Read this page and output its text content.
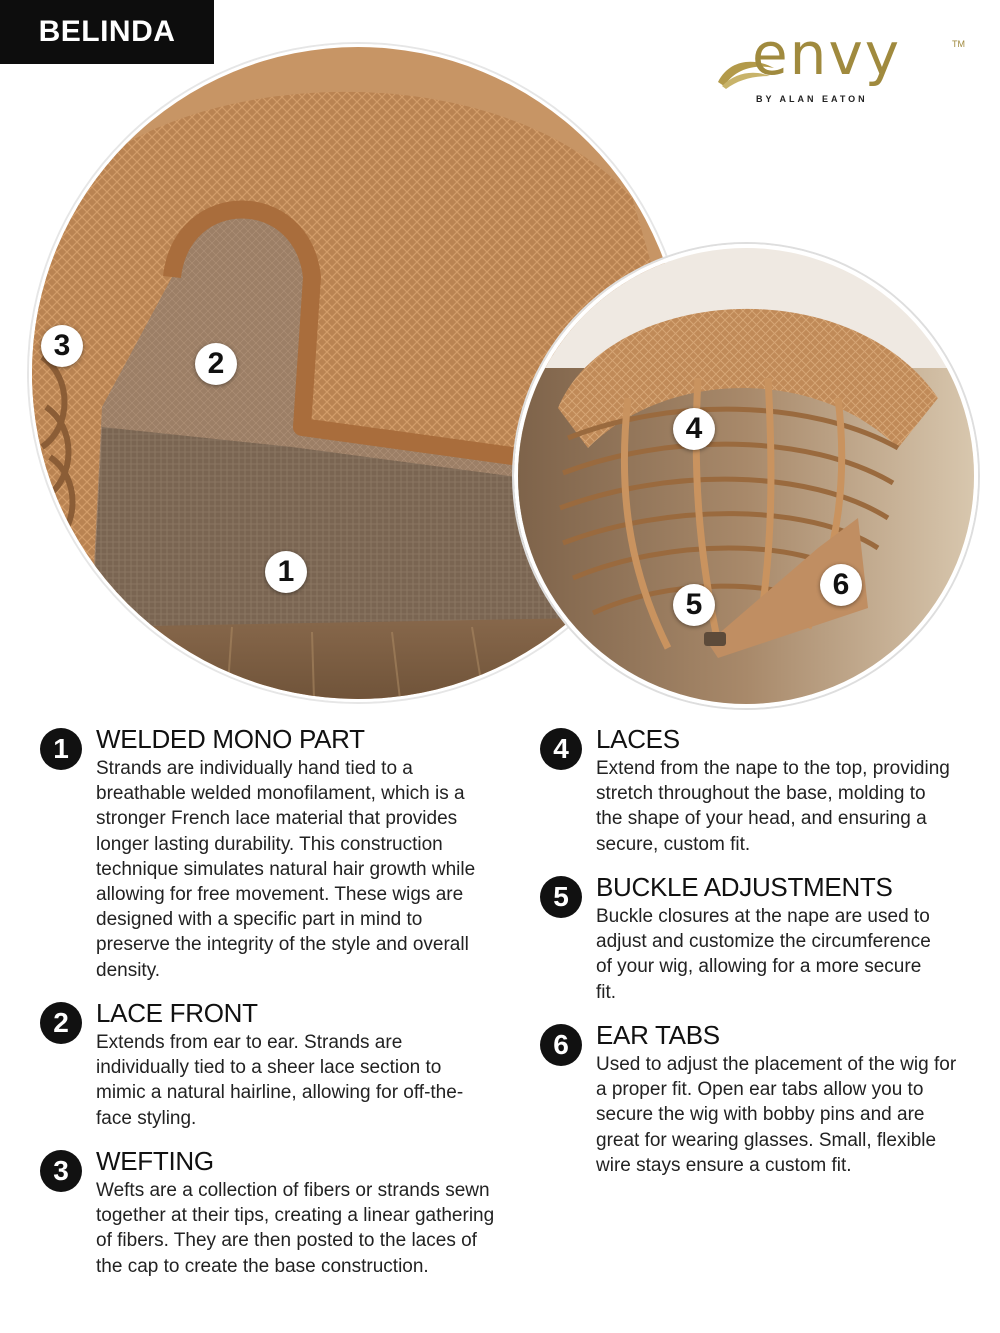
BELINDA	envy	TM
BY ALAN EATON
3
2
1
4
5
6
1	WELDED MONO PART

Strands are individually hand tied to a breathable welded monofilament, which is a stronger French lace material that provides longer lasting durability. This construction technique simulates natural hair growth while allowing for free movement. These wigs are designed with a specific part in mind to preserve the integrity of the style and overall density.

2	LACE FRONT

Extends from ear to ear. Strands are individually tied to a sheer lace section to mimic a natural hairline, allowing for off-the-face styling.

3	WEFTING

Wefts are a collection of fibers or strands sewn together at their tips, creating a linear gathering of fibers. They are then posted to the laces of the cap to create the base construction.

4	LACES

Extend from the nape to the top, providing stretch throughout the base, molding to the shape of your head, and ensuring a secure, custom fit.

5	BUCKLE ADJUSTMENTS

Buckle closures at the nape are used to adjust and customize the circumference of your wig, allowing for a more secure fit.

6	EAR TABS

Used to adjust the placement of the wig for a proper fit. Open ear tabs allow you to secure the wig with bobby pins and are great for wearing glasses. Small, flexible wire stays ensure a custom fit.
